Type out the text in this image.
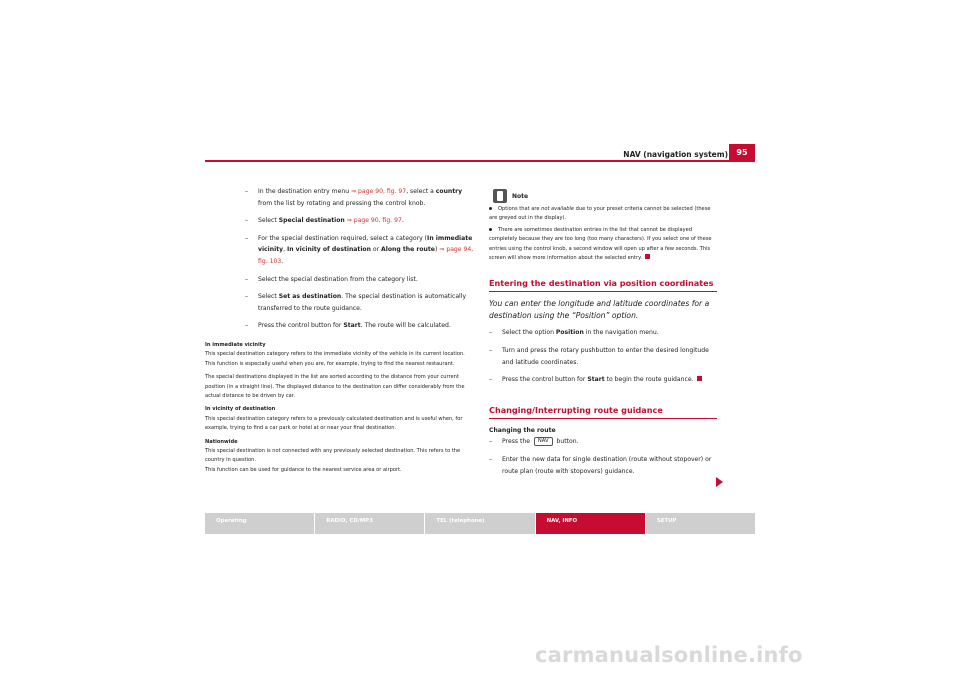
NAV (navigation system)	95
– In the destination entry menu ⇒ page 90, fig. 97, select a country from the list by rotating and pressing the control knob.
– Select Special destination ⇒ page 90, fig. 97.
– For the special destination required, select a category (In immediate vicinity, In vicinity of destination or Along the route) ⇒ page 94, fig. 103.
– Select the special destination from the category list.
– Select Set as destination. The special destination is automatically transferred to the route guidance.
– Press the control button for Start. The route will be calculated.

In immediate vicinity
This special destination category refers to the immediate vicinity of the vehicle in its current location. This function is especially useful when you are, for example, trying to find the nearest restaurant.

The special destinations displayed in the list are sorted according to the distance from your current position (in a straight line). The displayed distance to the destination can differ considerably from the actual distance to be driven by car.

In vicinity of destination
This special destination category refers to a previously calculated destination and is useful when, for example, trying to find a car park or hotel at or near your final destination.

Nationwide
This special destination is not connected with any previously selected destination. This refers to the country in question.
This function can be used for guidance to the nearest service area or airport.

Note

Options that are not available due to your preset criteria cannot be selected (these are greyed out in the display).

There are sometimes destination entries in the list that cannot be displayed completely because they are too long (too many characters). If you select one of these entries using the control knob, a second window will open up after a few seconds. This screen will show more information about the selected entry.

Entering the destination via position coordinates
You can enter the longitude and latitude coordinates for a destination using the “Position” option.
– Select the option Position in the navigation menu.
– Turn and press the rotary pushbutton to enter the desired longitude and latitude coordinates.
– Press the control button for Start to begin the route guidance.
Changing/Interrupting route guidance
Changing the route
– Press the NAV button.
– Enter the new data for single destination (route without stopover) or route plan (route with stopovers) guidance.
Operating	RADIO, CD/MP3	TEL (telephone)	NAV, INFO	SETUP
carmanualsonline.info
